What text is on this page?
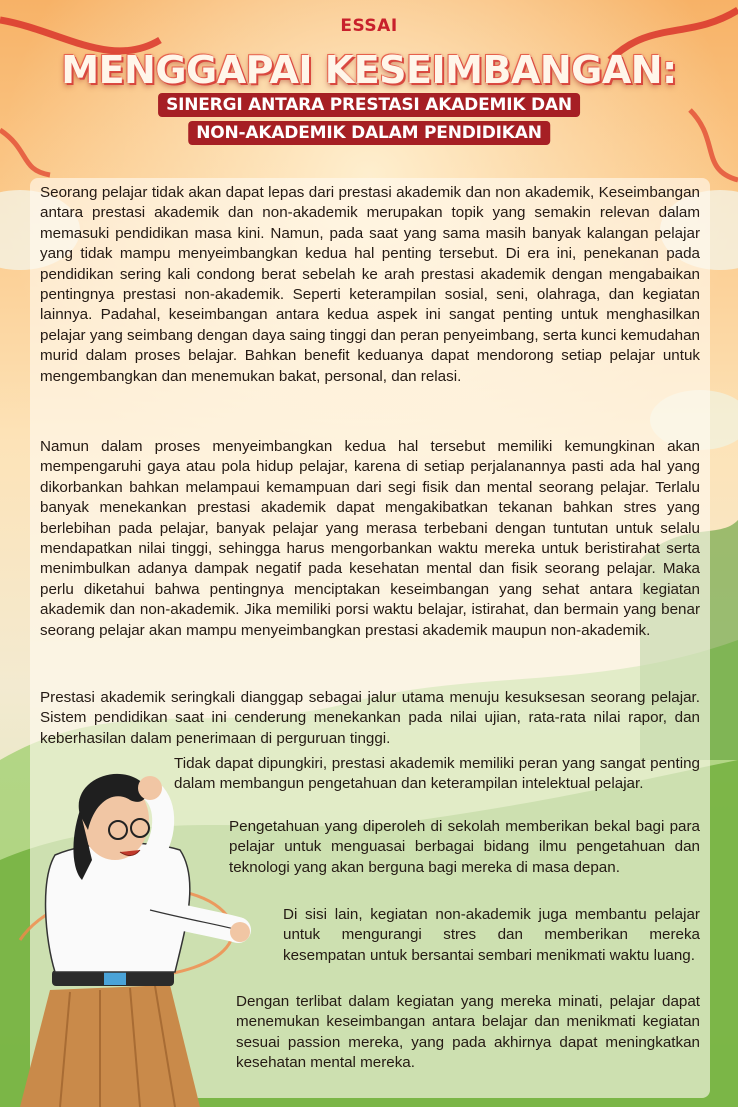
ESSAI
MENGGAPAI KESEIMBANGAN:
SINERGI ANTARA PRESTASI AKADEMIK DAN
NON-AKADEMIK DALAM PENDIDIKAN
Seorang pelajar tidak akan dapat lepas dari prestasi akademik dan non akademik, Keseimbangan antara prestasi akademik dan non-akademik merupakan topik yang semakin relevan dalam memasuki pendidikan masa kini. Namun, pada saat yang sama masih banyak kalangan pelajar yang tidak mampu menyeimbangkan kedua hal penting tersebut. Di era ini, penekanan pada pendidikan sering kali condong berat sebelah ke arah prestasi akademik dengan mengabaikan pentingnya prestasi non-akademik. Seperti keterampilan sosial, seni, olahraga, dan kegiatan lainnya. Padahal, keseimbangan antara kedua aspek ini sangat penting untuk menghasilkan pelajar yang seimbang dengan daya saing tinggi dan peran penyeimbang, serta kunci kemudahan murid dalam proses belajar. Bahkan benefit keduanya dapat mendorong setiap pelajar untuk mengembangkan dan menemukan bakat, personal, dan relasi.
Namun dalam proses menyeimbangkan kedua hal tersebut memiliki kemungkinan akan mempengaruhi gaya atau pola hidup pelajar, karena di setiap perjalanannya pasti ada hal yang dikorbankan bahkan melampaui kemampuan dari segi fisik dan mental seorang pelajar. Terlalu banyak menekankan prestasi akademik dapat mengakibatkan tekanan bahkan stres yang berlebihan pada pelajar, banyak pelajar yang merasa terbebani dengan tuntutan untuk selalu mendapatkan nilai tinggi, sehingga harus mengorbankan waktu mereka untuk beristirahat serta menimbulkan adanya dampak negatif pada kesehatan mental dan fisik seorang pelajar. Maka perlu diketahui bahwa pentingnya menciptakan keseimbangan yang sehat antara kegiatan akademik dan non-akademik. Jika memiliki porsi waktu belajar, istirahat, dan bermain yang benar seorang pelajar akan mampu menyeimbangkan prestasi akademik maupun non-akademik.
Prestasi akademik seringkali dianggap sebagai jalur utama menuju kesuksesan seorang pelajar. Sistem pendidikan saat ini cenderung menekankan pada nilai ujian, rata-rata nilai rapor, dan keberhasilan dalam penerimaan di perguruan tinggi.
Tidak dapat dipungkiri, prestasi akademik memiliki peran yang sangat penting dalam membangun pengetahuan dan keterampilan intelektual pelajar.
Pengetahuan yang diperoleh di sekolah memberikan bekal bagi para pelajar untuk menguasai berbagai bidang ilmu pengetahuan dan teknologi yang akan berguna bagi mereka di masa depan.
Di sisi lain, kegiatan non-akademik juga membantu pelajar untuk mengurangi stres dan memberikan mereka kesempatan untuk bersantai sembari menikmati waktu luang.
Dengan terlibat dalam kegiatan yang mereka minati, pelajar dapat menemukan keseimbangan antara belajar dan menikmati kegiatan sesuai passion mereka, yang pada akhirnya dapat meningkatkan kesehatan mental mereka.
